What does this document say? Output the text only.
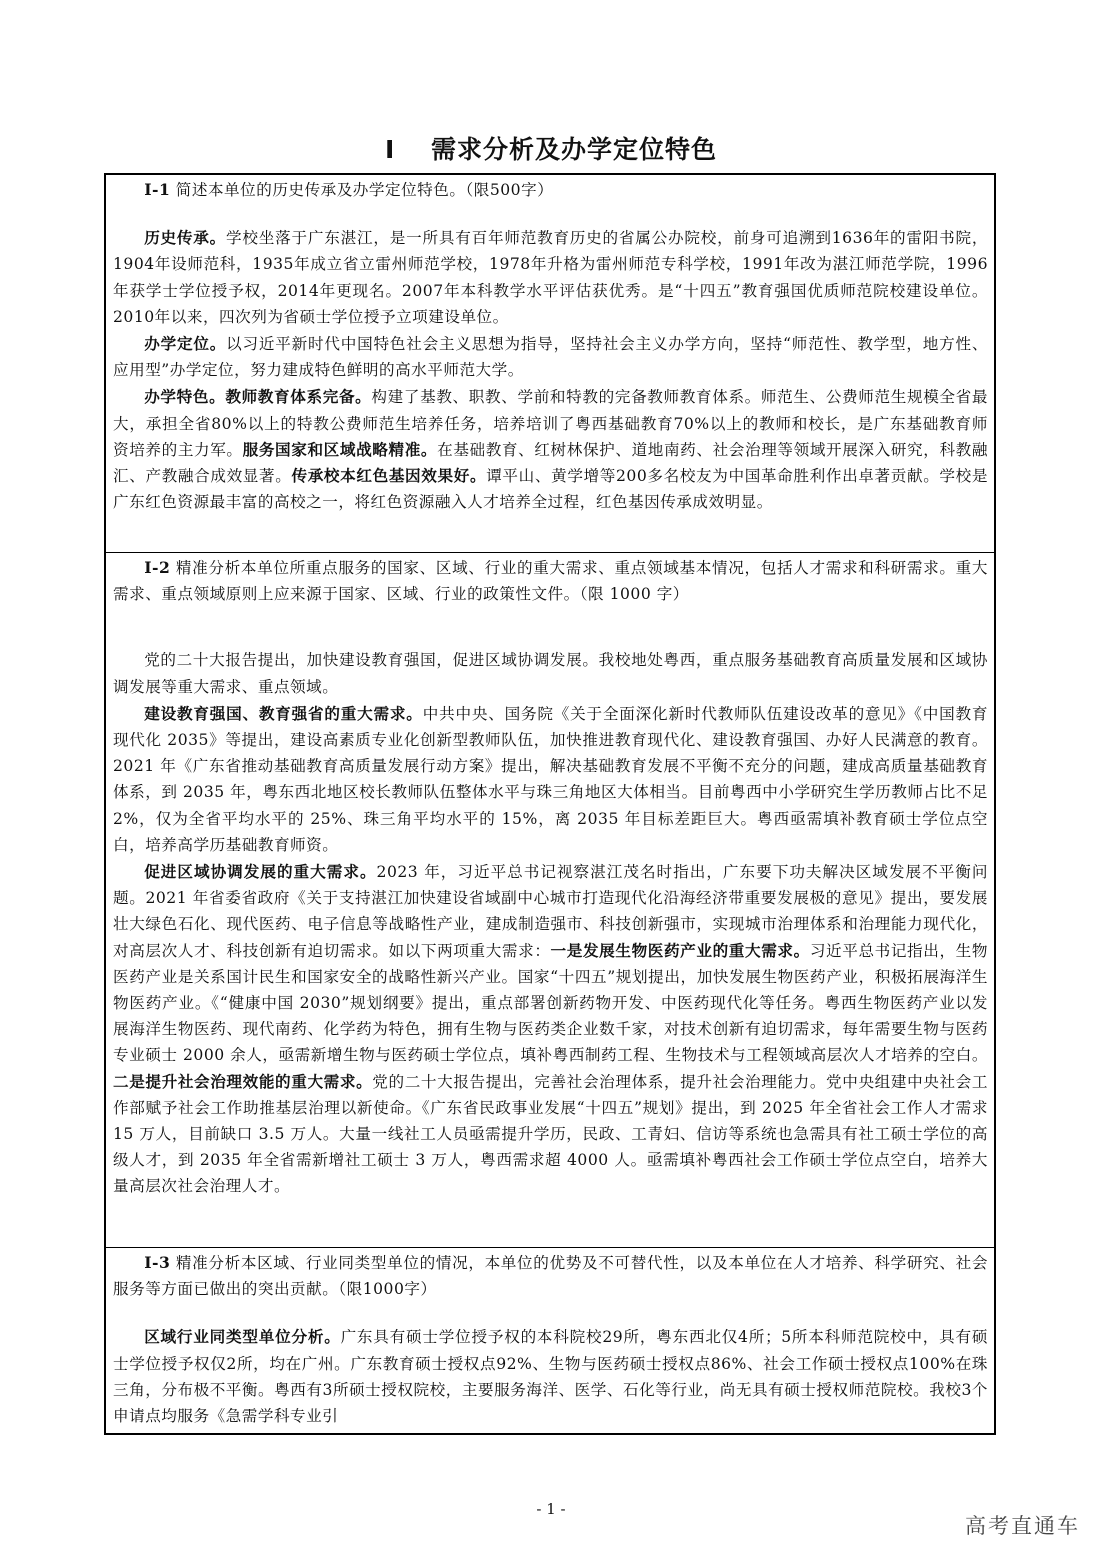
I　 需求分析及办学定位特色

I-1 简述本单位的历史传承及办学定位特色。（限500字）

历史传承。学校坐落于广东湛江，是一所具有百年师范教育历史的省属公办院校，前身可追溯到1636年的雷阳书院，1904年设师范科，1935年成立省立雷州师范学校，1978年升格为雷州师范专科学校，1991年改为湛江师范学院，1996年获学士学位授予权，2014年更现名。2007年本科教学水平评估获优秀。是“十四五”教育强国优质师范院校建设单位。2010年以来，四次列为省硕士学位授予立项建设单位。

办学定位。以习近平新时代中国特色社会主义思想为指导，坚持社会主义办学方向，坚持“师范性、教学型，地方性、应用型”办学定位，努力建成特色鲜明的高水平师范大学。

办学特色。教师教育体系完备。构建了基教、职教、学前和特教的完备教师教育体系。师范生、公费师范生规模全省最大，承担全省80%以上的特教公费师范生培养任务，培养培训了粤西基础教育70%以上的教师和校长，是广东基础教育师资培养的主力军。服务国家和区域战略精准。在基础教育、红树林保护、道地南药、社会治理等领域开展深入研究，科教融汇、产教融合成效显著。传承校本红色基因效果好。谭平山、黄学增等200多名校友为中国革命胜利作出卓著贡献。学校是广东红色资源最丰富的高校之一，将红色资源融入人才培养全过程，红色基因传承成效明显。

I-2 精准分析本单位所重点服务的国家、区域、行业的重大需求、重点领域基本情况，包括人才需求和科研需求。重大需求、重点领域原则上应来源于国家、区域、行业的政策性文件。（限 1000 字）

党的二十大报告提出，加快建设教育强国，促进区域协调发展。我校地处粤西，重点服务基础教育高质量发展和区域协调发展等重大需求、重点领域。

建设教育强国、教育强省的重大需求。中共中央、国务院《关于全面深化新时代教师队伍建设改革的意见》《中国教育现代化 2035》等提出，建设高素质专业化创新型教师队伍，加快推进教育现代化、建设教育强国、办好人民满意的教育。2021 年《广东省推动基础教育高质量发展行动方案》提出，解决基础教育发展不平衡不充分的问题，建成高质量基础教育体系，到 2035 年，粤东西北地区校长教师队伍整体水平与珠三角地区大体相当。目前粤西中小学研究生学历教师占比不足 2%，仅为全省平均水平的 25%、珠三角平均水平的 15%，离 2035 年目标差距巨大。粤西亟需填补教育硕士学位点空白，培养高学历基础教育师资。

促进区域协调发展的重大需求。2023 年，习近平总书记视察湛江茂名时指出，广东要下功夫解决区域发展不平衡问题。2021 年省委省政府《关于支持湛江加快建设省域副中心城市打造现代化沿海经济带重要发展极的意见》提出，要发展壮大绿色石化、现代医药、电子信息等战略性产业，建成制造强市、科技创新强市，实现城市治理体系和治理能力现代化，对高层次人才、科技创新有迫切需求。如以下两项重大需求：一是发展生物医药产业的重大需求。习近平总书记指出，生物医药产业是关系国计民生和国家安全的战略性新兴产业。国家“十四五”规划提出，加快发展生物医药产业，积极拓展海洋生物医药产业。《“健康中国 2030”规划纲要》提出，重点部署创新药物开发、中医药现代化等任务。粤西生物医药产业以发展海洋生物医药、现代南药、化学药为特色，拥有生物与医药类企业数千家，对技术创新有迫切需求，每年需要生物与医药专业硕士 2000 余人，亟需新增生物与医药硕士学位点，填补粤西制药工程、生物技术与工程领域高层次人才培养的空白。二是提升社会治理效能的重大需求。党的二十大报告提出，完善社会治理体系，提升社会治理能力。党中央组建中央社会工作部赋予社会工作助推基层治理以新使命。《广东省民政事业发展“十四五”规划》提出，到 2025 年全省社会工作人才需求 15 万人，目前缺口 3.5 万人。大量一线社工人员亟需提升学历，民政、工青妇、信访等系统也急需具有社工硕士学位的高级人才，到 2035 年全省需新增社工硕士 3 万人，粤西需求超 4000 人。亟需填补粤西社会工作硕士学位点空白，培养大量高层次社会治理人才。

I-3 精准分析本区域、行业同类型单位的情况，本单位的优势及不可替代性，以及本单位在人才培养、科学研究、社会服务等方面已做出的突出贡献。（限1000字）

区域行业同类型单位分析。广东具有硕士学位授予权的本科院校29所，粤东西北仅4所；5所本科师范院校中，具有硕士学位授予权仅2所，均在广州。广东教育硕士授权点92%、生物与医药硕士授权点86%、社会工作硕士授权点100%在珠三角，分布极不平衡。粤西有3所硕士授权院校，主要服务海洋、医学、石化等行业，尚无具有硕士授权师范院校。我校3个申请点均服务《急需学科专业引

- 1 -
高考直通车
